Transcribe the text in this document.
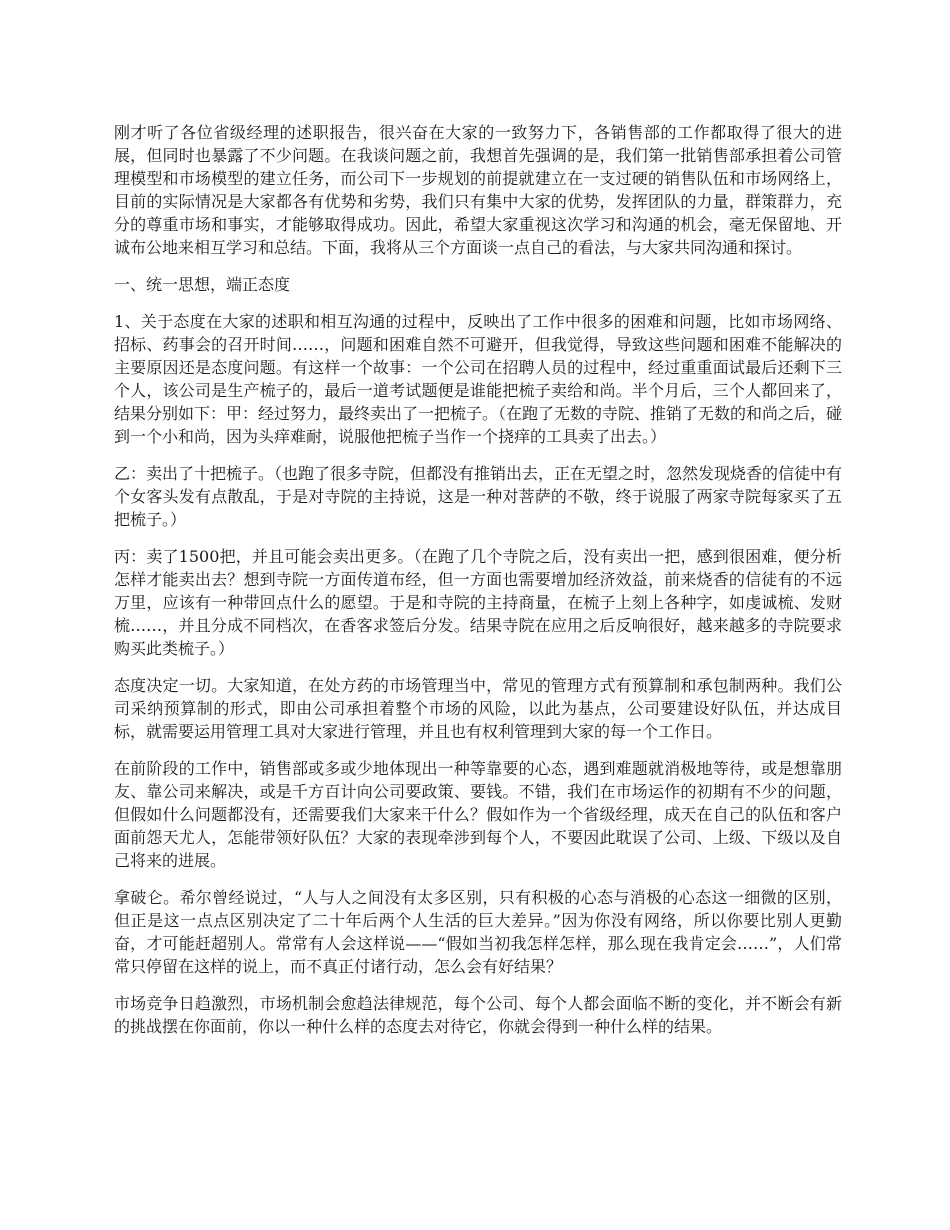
刚才听了各位省级经理的述职报告，很兴奋在大家的一致努力下，各销售部的工作都取得了很大的进展，但同时也暴露了不少问题。在我谈问题之前，我想首先强调的是，我们第一批销售部承担着公司管理模型和市场模型的建立任务，而公司下一步规划的前提就建立在一支过硬的销售队伍和市场网络上，目前的实际情况是大家都各有优势和劣势，我们只有集中大家的优势，发挥团队的力量，群策群力，充分的尊重市场和事实，才能够取得成功。因此，希望大家重视这次学习和沟通的机会，毫无保留地、开诚布公地来相互学习和总结。下面，我将从三个方面谈一点自己的看法，与大家共同沟通和探讨。

一、统一思想，端正态度

1、关于态度在大家的述职和相互沟通的过程中，反映出了工作中很多的困难和问题，比如市场网络、招标、药事会的召开时间……，问题和困难自然不可避开，但我觉得，导致这些问题和困难不能解决的主要原因还是态度问题。有这样一个故事：一个公司在招聘人员的过程中，经过重重面试最后还剩下三个人，该公司是生产梳子的，最后一道考试题便是谁能把梳子卖给和尚。半个月后，三个人都回来了，结果分别如下：甲：经过努力，最终卖出了一把梳子。（在跑了无数的寺院、推销了无数的和尚之后，碰到一个小和尚，因为头痒难耐，说服他把梳子当作一个挠痒的工具卖了出去。）

乙：卖出了十把梳子。（也跑了很多寺院，但都没有推销出去，正在无望之时，忽然发现烧香的信徒中有个女客头发有点散乱，于是对寺院的主持说，这是一种对菩萨的不敬，终于说服了两家寺院每家买了五把梳子。）

丙：卖了1500把，并且可能会卖出更多。（在跑了几个寺院之后，没有卖出一把，感到很困难，便分析怎样才能卖出去？想到寺院一方面传道布经，但一方面也需要增加经济效益，前来烧香的信徒有的不远万里，应该有一种带回点什么的愿望。于是和寺院的主持商量，在梳子上刻上各种字，如虔诚梳、发财梳……，并且分成不同档次，在香客求签后分发。结果寺院在应用之后反响很好，越来越多的寺院要求购买此类梳子。）

态度决定一切。大家知道，在处方药的市场管理当中，常见的管理方式有预算制和承包制两种。我们公司采纳预算制的形式，即由公司承担着整个市场的风险，以此为基点，公司要建设好队伍，并达成目标，就需要运用管理工具对大家进行管理，并且也有权利管理到大家的每一个工作日。

在前阶段的工作中，销售部或多或少地体现出一种等靠要的心态，遇到难题就消极地等待，或是想靠朋友、靠公司来解决，或是千方百计向公司要政策、要钱。不错，我们在市场运作的初期有不少的问题，但假如什么问题都没有，还需要我们大家来干什么？假如作为一个省级经理，成天在自己的队伍和客户面前怨天尤人，怎能带领好队伍？大家的表现牵涉到每个人，不要因此耽误了公司、上级、下级以及自己将来的进展。

拿破仑。希尔曾经说过，“人与人之间没有太多区别，只有积极的心态与消极的心态这一细微的区别，但正是这一点点区别决定了二十年后两个人生活的巨大差异。”因为你没有网络，所以你要比别人更勤奋，才可能赶超别人。常常有人会这样说——“假如当初我怎样怎样，那么现在我肯定会……”，人们常常只停留在这样的说上，而不真正付诸行动，怎么会有好结果？

市场竞争日趋激烈，市场机制会愈趋法律规范，每个公司、每个人都会面临不断的变化，并不断会有新的挑战摆在你面前，你以一种什么样的态度去对待它，你就会得到一种什么样的结果。
